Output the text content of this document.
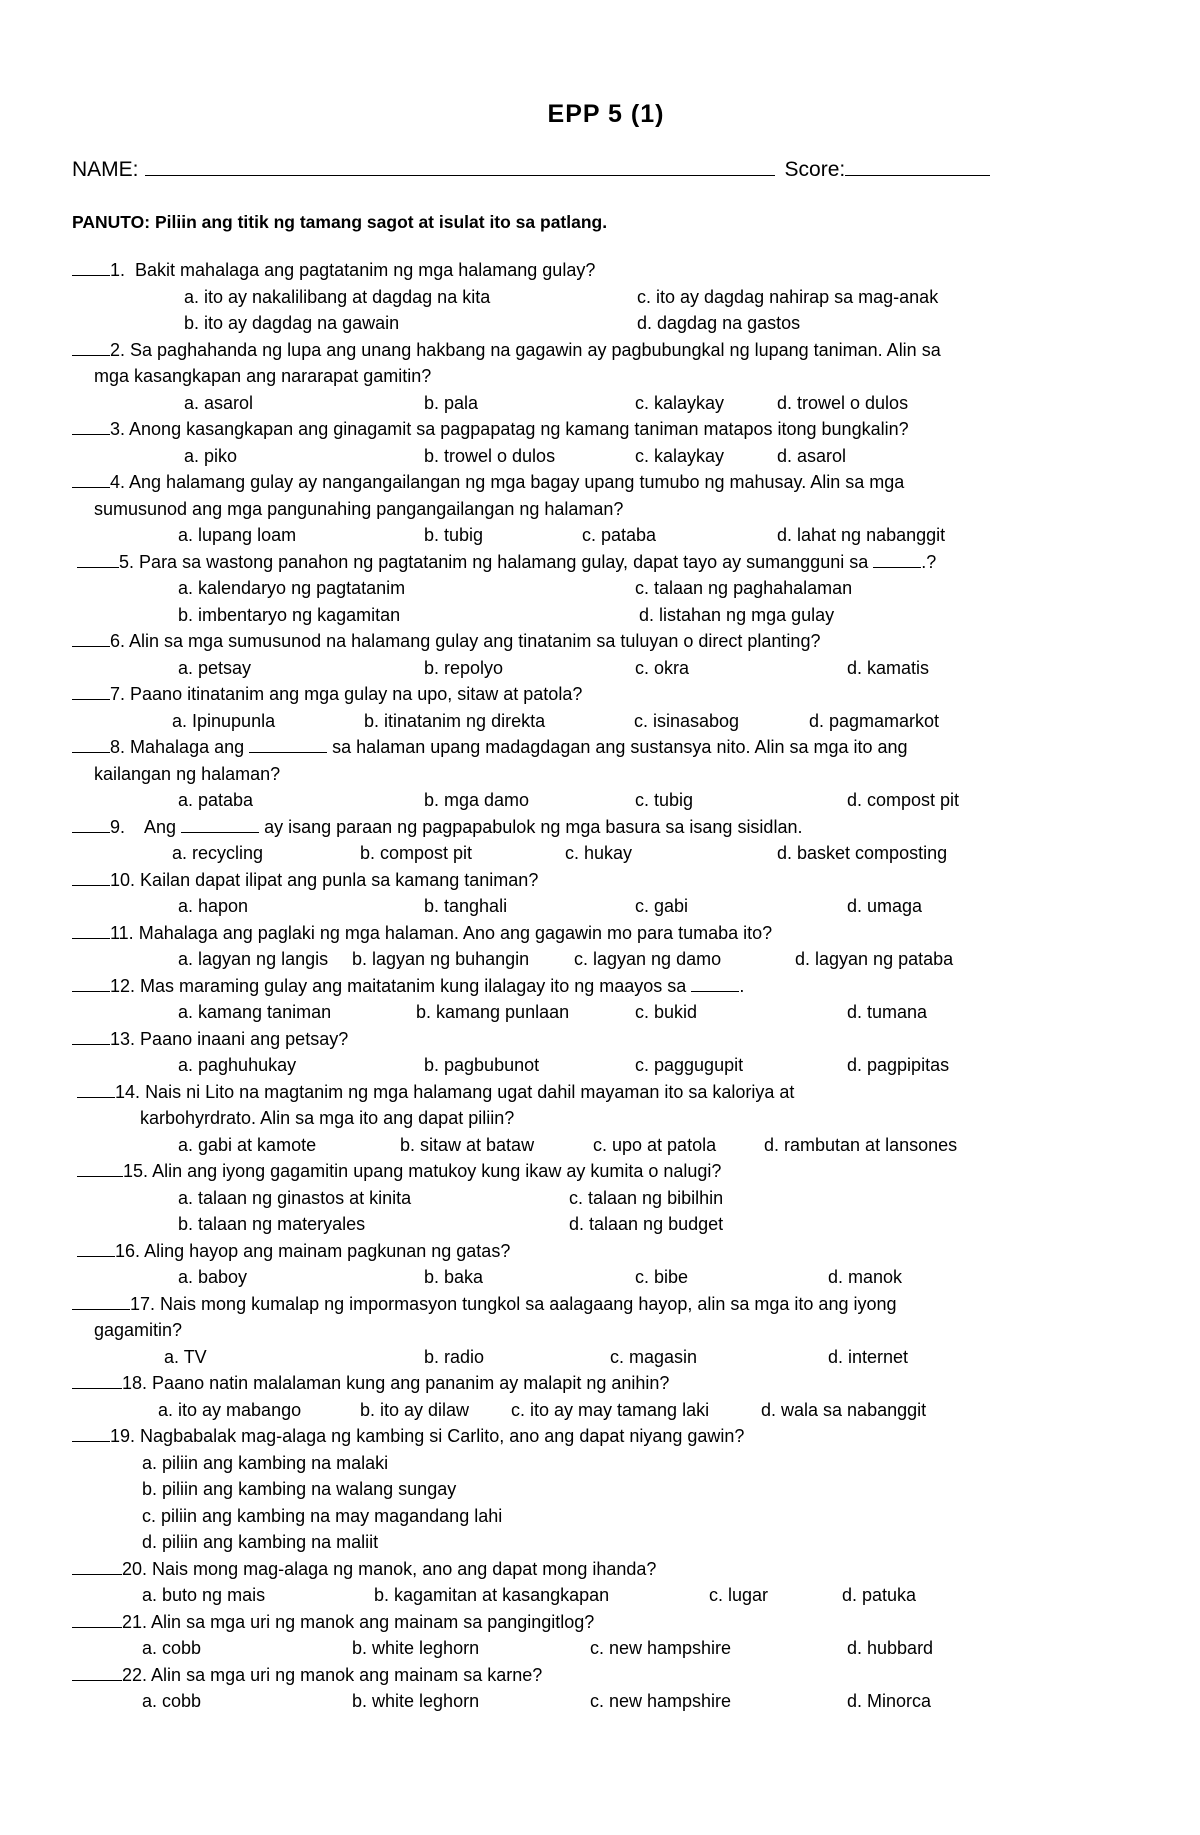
EPP 5 (1)
NAME:	Score:
PANUTO: Piliin ang titik ng tamang sagot at isulat ito sa patlang.
1. Bakit mahalaga ang pagtatanim ng mga halamang gulay?
a. ito ay nakalilibang at dagdag na kita	c. ito ay dagdag nahirap sa mag-anak
b. ito ay dagdag na gawain	d. dagdag na gastos
2. Sa paghahanda ng lupa ang unang hakbang na gagawin ay pagbubungkal ng lupang taniman. Alin sa
mga kasangkapan ang nararapat gamitin?
a. asarol	b. pala	c. kalaykay	d. trowel o dulos
3. Anong kasangkapan ang ginagamit sa pagpapatag ng kamang taniman matapos itong bungkalin?
a. piko	b. trowel o dulos	c. kalaykay	d. asarol
4. Ang halamang gulay ay nangangailangan ng mga bagay upang tumubo ng mahusay. Alin sa mga
sumusunod ang mga pangunahing pangangailangan ng halaman?
a. lupang loam	b. tubig	c. pataba	d. lahat ng nabanggit
5. Para sa wastong panahon ng pagtatanim ng halamang gulay, dapat tayo ay sumangguni sa	.?
a. kalendaryo ng pagtatanim	c. talaan ng paghahalaman
b. imbentaryo ng kagamitan	d. listahan ng mga gulay
6. Alin sa mga sumusunod na halamang gulay ang tinatanim sa tuluyan o direct planting?
a. petsay	b. repolyo	c. okra	d. kamatis
7. Paano itinatanim ang mga gulay na upo, sitaw at patola?
a. Ipinupunla	b. itinatanim ng direkta	c. isinasabog	d. pagmamarkot
8. Mahalaga ang	sa halaman upang madagdagan ang sustansya nito. Alin sa mga ito ang
kailangan ng halaman?
a. pataba	b. mga damo	c. tubig	d. compost pit
9. Ang	ay isang paraan ng pagpapabulok ng mga basura sa isang sisidlan.
a. recycling	b. compost pit	c. hukay	d. basket composting
10. Kailan dapat ilipat ang punla sa kamang taniman?
a. hapon	b. tanghali	c. gabi	d. umaga
11. Mahalaga ang paglaki ng mga halaman. Ano ang gagawin mo para tumaba ito?
a. lagyan ng langis b. lagyan ng buhangin c. lagyan ng damo	d. lagyan ng pataba
12. Mas maraming gulay ang maitatanim kung ilalagay ito ng maayos sa	.
a. kamang taniman	b. kamang punlaan	c. bukid	d. tumana
13. Paano inaani ang petsay?
a. paghuhukay	b. pagbubunot	c. paggugupit	d. pagpipitas
14. Nais ni Lito na magtanim ng mga halamang ugat dahil mayaman ito sa kaloriya at
karbohyrdrato. Alin sa mga ito ang dapat piliin?
a. gabi at kamote	b. sitaw at bataw	c. upo at patola	d. rambutan at lansones
15. Alin ang iyong gagamitin upang matukoy kung ikaw ay kumita o nalugi?
a. talaan ng ginastos at kinita	c. talaan ng bibilhin
b. talaan ng materyales	d. talaan ng budget
16. Aling hayop ang mainam pagkunan ng gatas?
a. baboy	b. baka	c. bibe	d. manok
17. Nais mong kumalap ng impormasyon tungkol sa aalagaang hayop, alin sa mga ito ang iyong
gagamitin?
a. TV	b. radio	c. magasin	d. internet
18. Paano natin malalaman kung ang pananim ay malapit ng anihin?
a. ito ay mabango	b. ito ay dilaw c. ito ay may tamang laki	d. wala sa nabanggit
19. Nagbabalak mag-alaga ng kambing si Carlito, ano ang dapat niyang gawin?
a. piliin ang kambing na malaki
b. piliin ang kambing na walang sungay
c. piliin ang kambing na may magandang lahi
d. piliin ang kambing na maliit
20. Nais mong mag-alaga ng manok, ano ang dapat mong ihanda?
a. buto ng mais	b. kagamitan at kasangkapan	c. lugar	d. patuka
21. Alin sa mga uri ng manok ang mainam sa pangingitlog?
a. cobb	b. white leghorn	c. new hampshire	d. hubbard
22. Alin sa mga uri ng manok ang mainam sa karne?
a. cobb	b. white leghorn	c. new hampshire	d. Minorca
